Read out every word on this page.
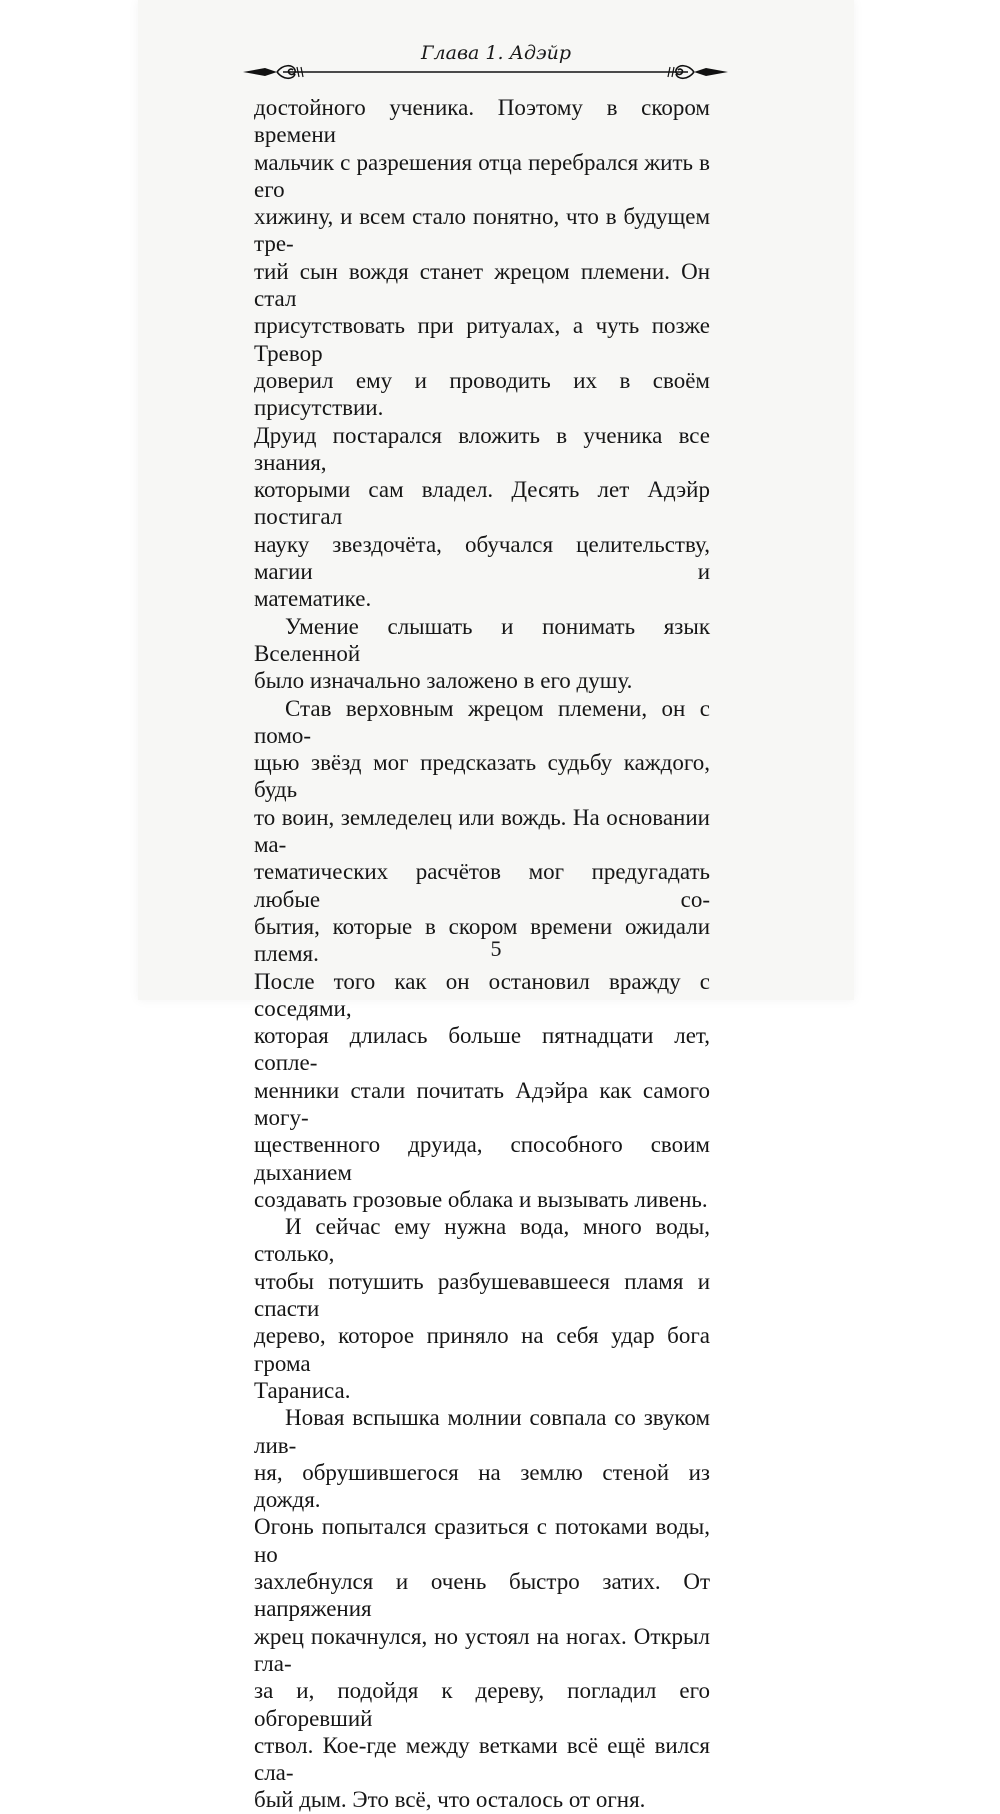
Глава 1. Адэйр

достойного ученика. Поэтому в скором времени
мальчик с разрешения отца перебрался жить в его
хижину, и всем стало понятно, что в будущем тре-
тий сын вождя станет жрецом племени. Он стал
присутствовать при ритуалах, а чуть позже Тревор
доверил ему и проводить их в своём присутствии.
Друид постарался вложить в ученика все знания,
которыми сам владел. Десять лет Адэйр постигал
науку звездочёта, обучался целительству, магии и
математике.

Умение слышать и понимать язык Вселенной
было изначально заложено в его душу.

Став верховным жрецом племени, он с помо-
щью звёзд мог предсказать судьбу каждого, будь
то воин, земледелец или вождь. На основании ма-
тематических расчётов мог предугадать любые со-
бытия, которые в скором времени ожидали племя.
После того как он остановил вражду с соседями,
которая длилась больше пятнадцати лет, сопле-
менники стали почитать Адэйра как самого могу-
щественного друида, способного своим дыханием
создавать грозовые облака и вызывать ливень.

И сейчас ему нужна вода, много воды, столько,
чтобы потушить разбушевавшееся пламя и спасти
дерево, которое приняло на себя удар бога грома
Тараниса.

Новая вспышка молнии совпала со звуком лив-
ня, обрушившегося на землю стеной из дождя.
Огонь попытался сразиться с потоками воды, но
захлебнулся и очень быстро затих. От напряжения
жрец покачнулся, но устоял на ногах. Открыл гла-
за и, подойдя к дереву, погладил его обгоревший
ствол. Кое-где между ветками всё ещё вился сла-
бый дым. Это всё, что осталось от огня.

5
